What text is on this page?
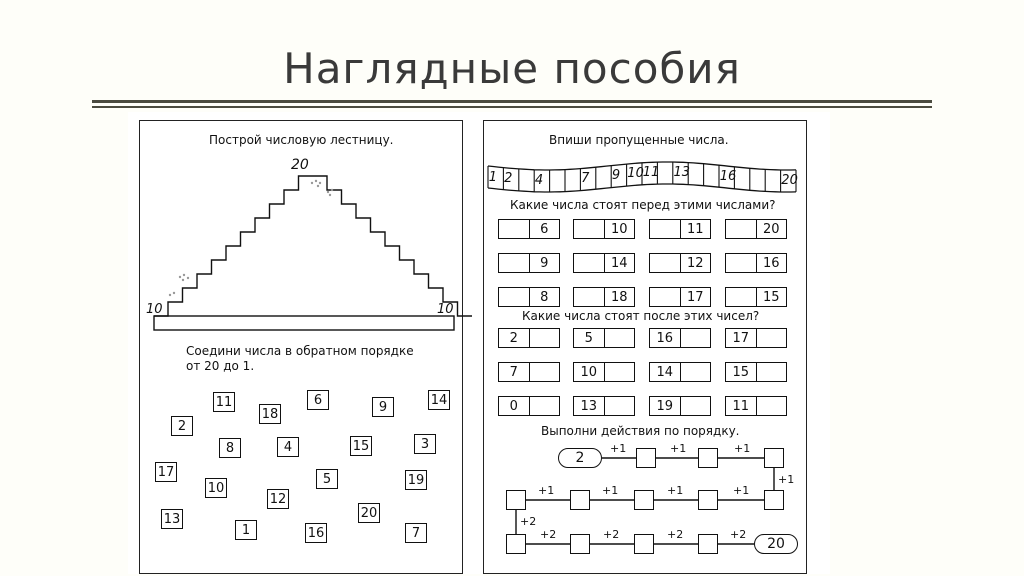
Наглядные пособия
Построй числовую лестницу.
20
10	10
Соедини числа в обратном порядке
от 20 до 1.
11
18
6	9	14
2
8	4	15	3
17
10
12
5	19
20
13
1	16	7
Впиши пропущенные числа.
1 2 4	7 9 10
11 13 16	20
Какие числа стоят перед этими числами?
6	10	11	20
9	14	12	16
8	18	17	15
Какие числа стоят после этих чисел?
2	5	16	17
7	10	14	15
0	13	19	11
Выполни действия по порядку.
2
20
+1	+1	+1
+1
+1	+1	+1	+1
+2
+2	+2	+2	+2
